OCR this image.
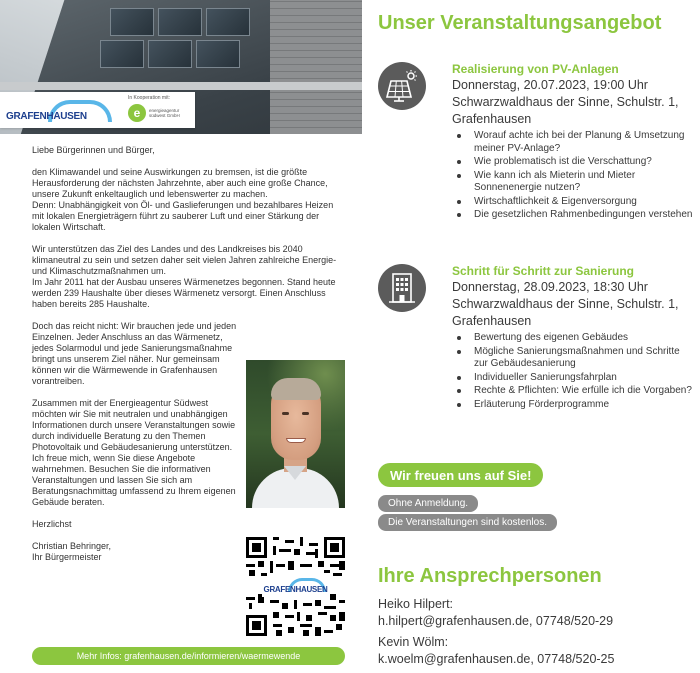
GRAFENHAUSEN
In Kooperation mit:
e	energieagentur südwest GmbH

Liebe Bürgerinnen und Bürger,

den Klimawandel und seine Auswirkungen zu bremsen, ist die größte Herausforderung der nächsten Jahrzehnte, aber auch eine große Chance, unsere Zukunft enkeltauglich und lebenswerter zu machen.

Denn: Unabhängigkeit von Öl- und Gaslieferungen und bezahlbares Heizen mit lokalen Energieträgern führt zu sauberer Luft und einer Stärkung der lokalen Wirtschaft.

Wir unterstützen das Ziel des Landes und des Landkreises bis 2040 klimaneutral zu sein und setzen daher seit vielen Jahren zahlreiche Energie- und Klimaschutzmaßnahmen um.

Im Jahr 2011 hat der Ausbau unseres Wärmenetzes begonnen. Stand heute werden 239 Haushalte über dieses Wärmenetz versorgt. Einen Anschluss haben bereits 285 Haushalte.

Doch das reicht nicht: Wir brauchen jede und jeden Einzelnen. Jeder Anschluss an das Wärmenetz, jedes Solarmodul und jede Sanierungsmaßnahme bringt uns unserem Ziel näher. Nur gemeinsam können wir die Wärmewende in Grafenhausen vorantreiben.

Zusammen mit der Energieagentur Südwest möchten wir Sie mit neutralen und unabhängigen Informationen durch unsere Veranstaltungen sowie durch individuelle Beratung zu den Themen Photovoltaik und Gebäudesanierung unterstützen.

Ich freue mich, wenn Sie diese Angebote wahrnehmen. Besuchen Sie die informativen Veranstaltungen und lassen Sie sich am Beratungsnachmittag umfassend zu Ihrem eigenen Gebäude beraten.

Herzlichst

Christian Behringer,

Ihr Bürgermeister

GRAFENHAUSEN
Mehr Infos: grafenhausen.de/informieren/waermewende
Unser Veranstaltungsangebot
Realisierung von PV-Anlagen
Donnerstag, 20.07.2023, 19:00 Uhr
Schwarzwaldhaus der Sinne, Schulstr. 1, Grafenhausen
Worauf achte ich bei der Planung & Umsetzung meiner PV-Anlage?
Wie problematisch ist die Verschattung?
Wie kann ich als Mieterin und Mieter Sonnenenergie nutzen?
Wirtschaftlichkeit & Eigenversorgung
Die gesetzlichen Rahmenbedingungen verstehen
Schritt für Schritt zur Sanierung
Donnerstag, 28.09.2023, 18:30 Uhr
Schwarzwaldhaus der Sinne, Schulstr. 1, Grafenhausen
Bewertung des eigenen Gebäudes
Mögliche Sanierungsmaßnahmen und Schritte zur Gebäudesanierung
Individueller Sanierungsfahrplan
Rechte & Pflichten: Wie erfülle ich die Vorgaben?
Erläuterung Förderprogramme
Wir freuen uns auf Sie!
Ohne Anmeldung.
Die Veranstaltungen sind kostenlos.
Ihre Ansprechpersonen
Heiko Hilpert:
h.hilpert@grafenhausen.de, 07748/520-29
Kevin Wölm:
k.woelm@grafenhausen.de, 07748/520-25
